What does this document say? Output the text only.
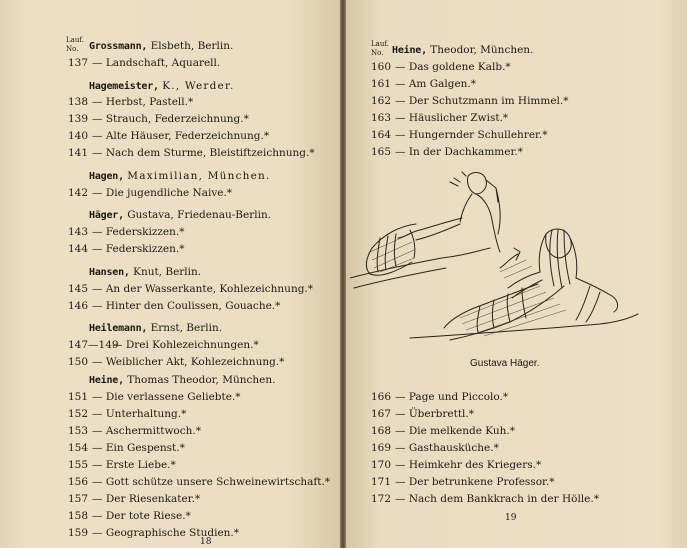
Lauf.
No. Grossmann, Elsbeth, Berlin.
137 — Landschaft, Aquarell.
Hagemeister, K., Werder.
138 — Herbst, Pastell.*
139 — Strauch, Federzeichnung.*
140 — Alte Häuser, Federzeichnung.*
141 — Nach dem Sturme, Bleistiftzeichnung.*
Hagen, Maximilian, München.
142 — Die jugendliche Naive.*
Häger, Gustava, Friedenau-Berlin.
143 — Federskizzen.*
144 — Federskizzen.*
Hansen, Knut, Berlin.
145 — An der Wasserkante, Kohlezeichnung.*
146 — Hinter den Coulissen, Gouache.*
Heilemann, Ernst, Berlin.
147—149
— Drei Kohlezeichnungen.*
150 — Weiblicher Akt, Kohlezeichnung.*
Heine, Thomas Theodor, München.
151 — Die verlassene Geliebte.*
152 — Unterhaltung.*
153 — Aschermittwoch.*
154 — Ein Gespenst.*
155 — Erste Liebe.*
156 — Gott schütze unsere Schweinewirtschaft.*
157 — Der Riesenkater.*
158 — Der tote Riese.*
159 — Geographische Studien.*
18
Lauf.
No. Heine, Theodor, München.
160 — Das goldene Kalb.*
161 — Am Galgen.*
162 — Der Schutzmann im Himmel.*
163 — Häuslicher Zwist.*
164 — Hungernder Schullehrer.*
165 — In der Dachkammer.*
Gustava Häger.
166 — Page und Piccolo.*
167 — Überbrettl.*
168 — Die melkende Kuh.*
169 — Gasthausküche.*
170 — Heimkehr des Kriegers.*
171 — Der betrunkene Professor.*
172 — Nach dem Bankkrach in der Hölle.*
19
